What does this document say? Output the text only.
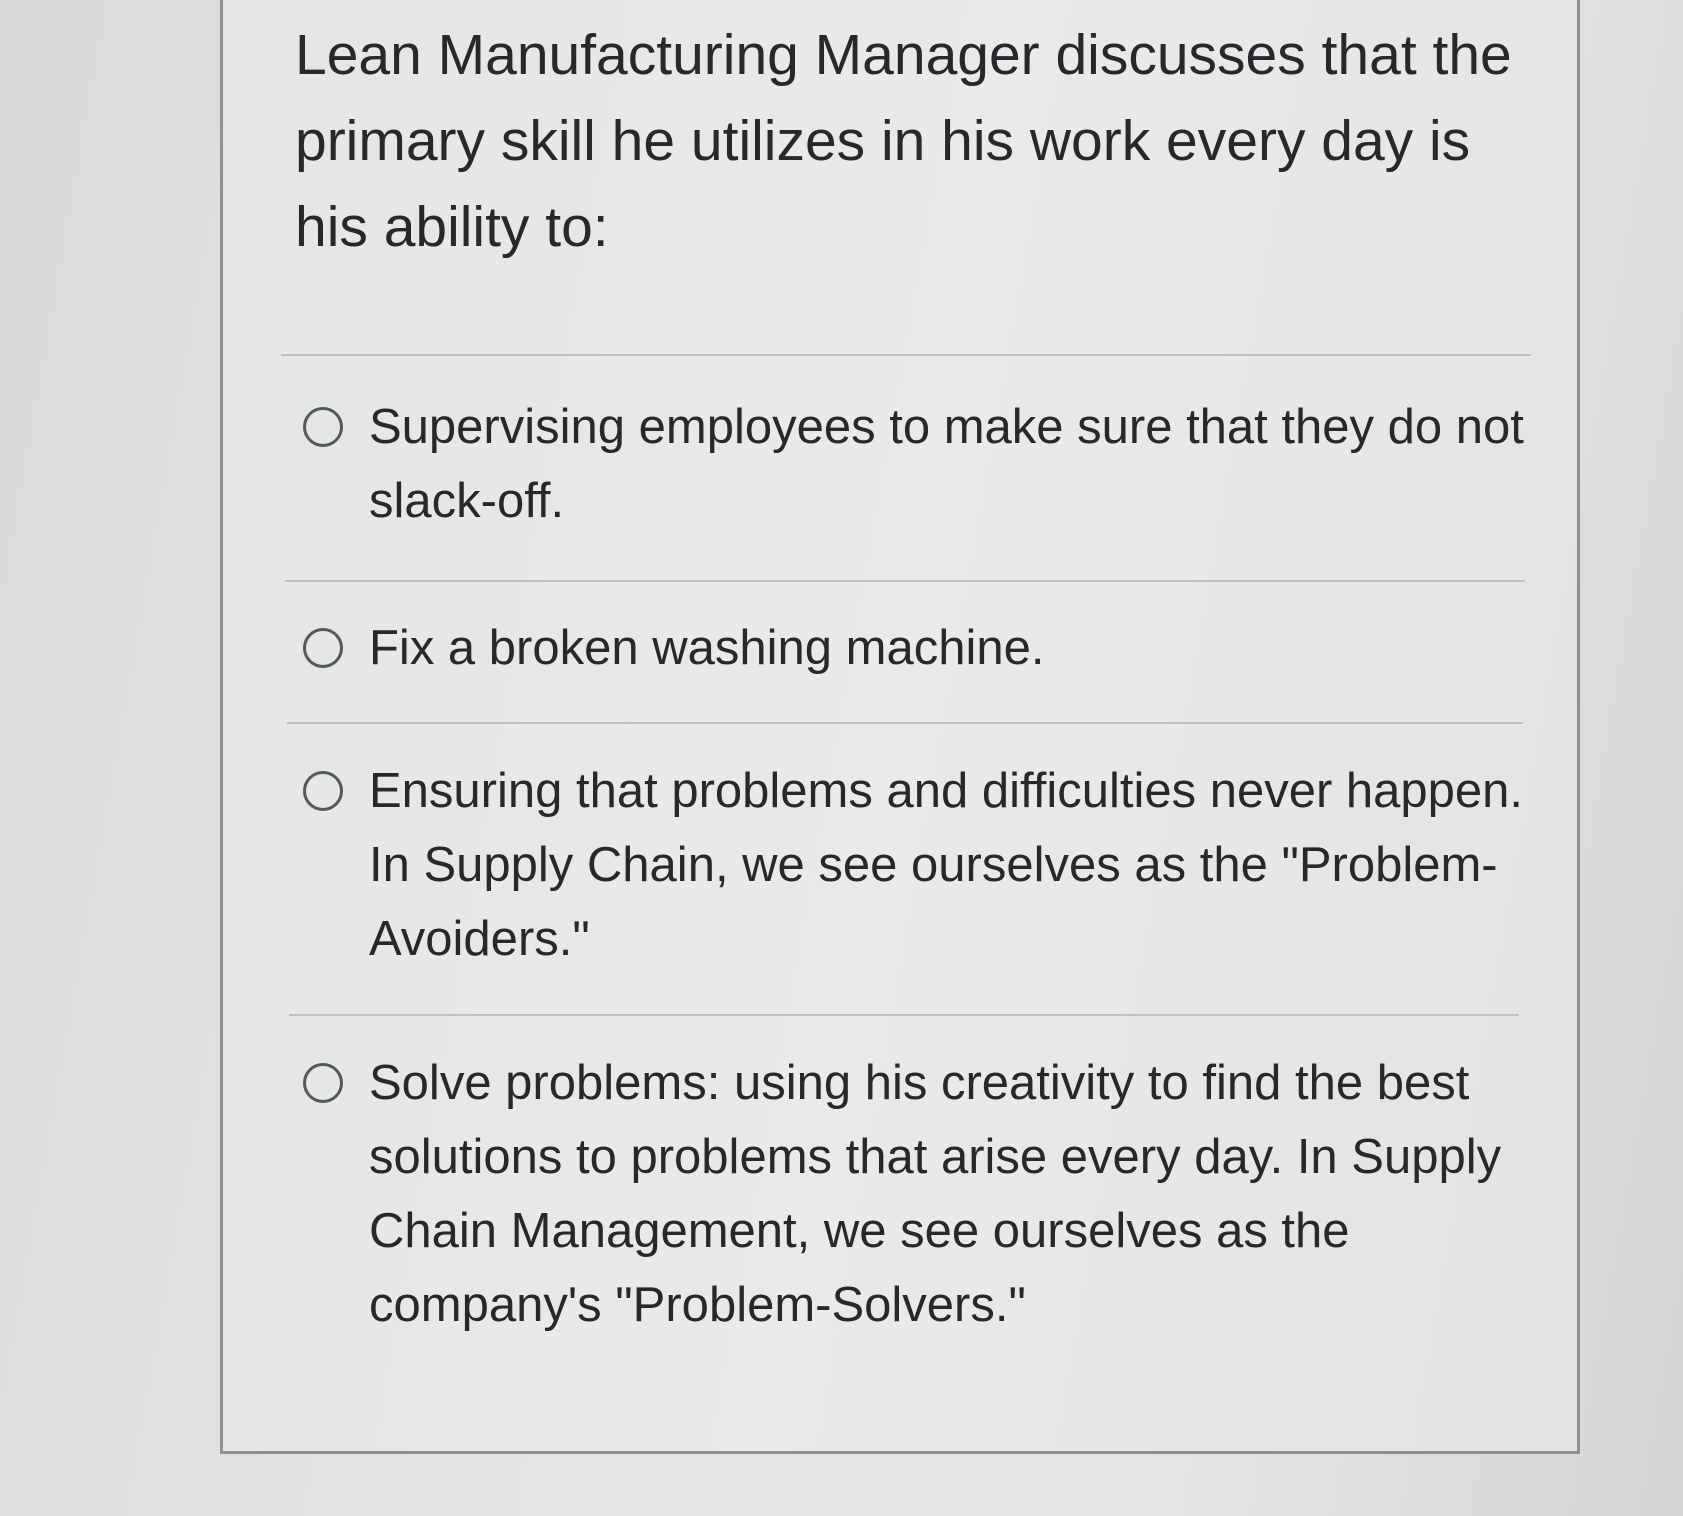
Lean Manufacturing Manager discusses that the primary skill he utilizes in his work every day is his ability to:
Supervising employees to make sure that they do not slack-off.
Fix a broken washing machine.
Ensuring that problems and difficulties never happen. In Supply Chain, we see ourselves as the "Problem-Avoiders."
Solve problems: using his creativity to find the best solutions to problems that arise every day. In Supply Chain Management, we see ourselves as the company's "Problem-Solvers."
